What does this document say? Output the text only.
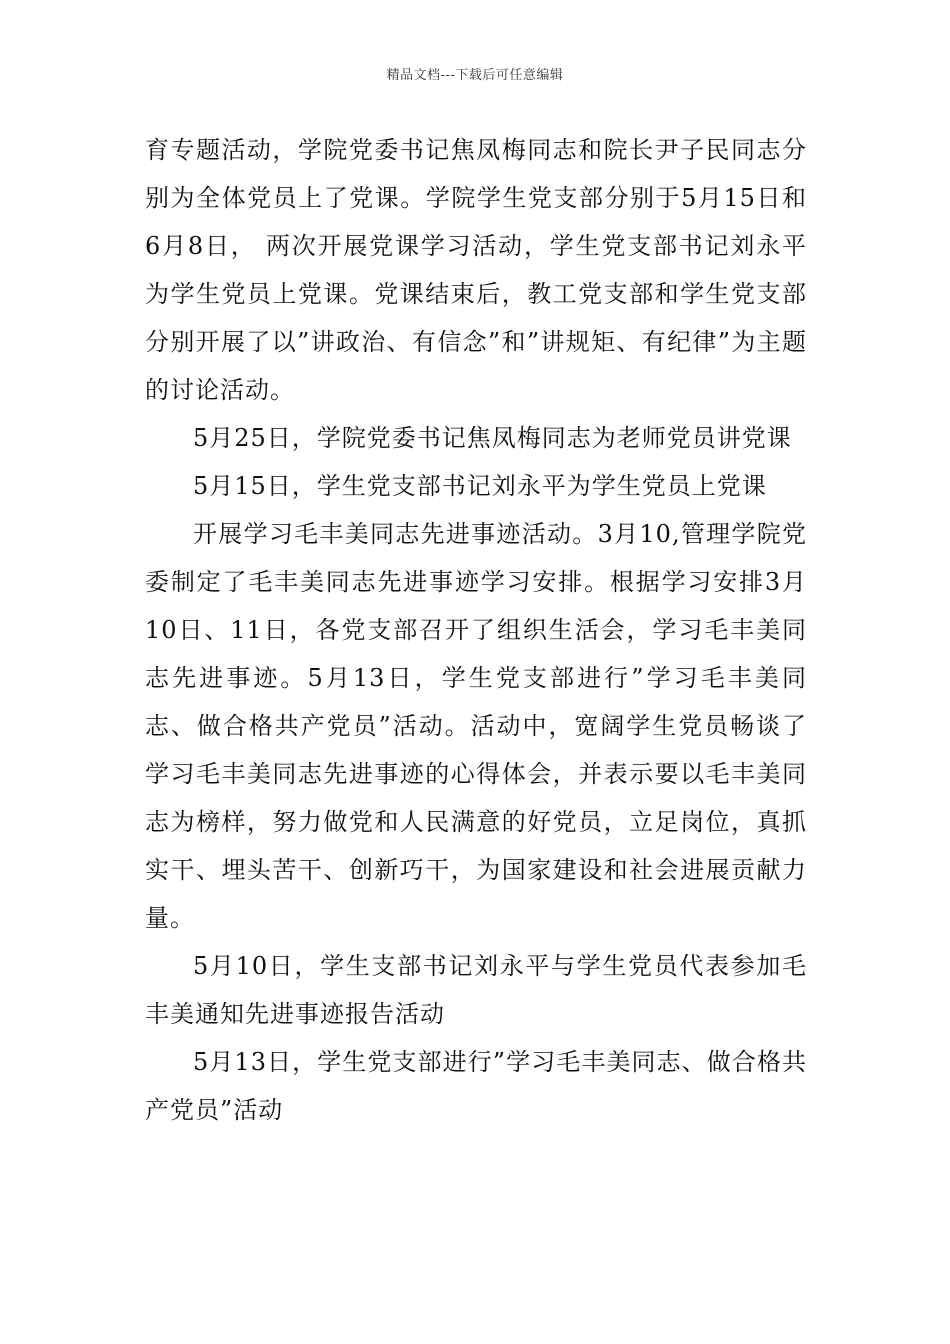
精品文档---下载后可任意编辑

育专题活动，学院党委书记焦凤梅同志和院长尹子民同志分别为全体党员上了党课。学院学生党支部分别于5月15日和6月8日， 两次开展党课学习活动，学生党支部书记刘永平为学生党员上党课。党课结束后，教工党支部和学生党支部分别开展了以”讲政治、有信念”和”讲规矩、有纪律”为主题的讨论活动。

5月25日，学院党委书记焦凤梅同志为老师党员讲党课

5月15日，学生党支部书记刘永平为学生党员上党课

开展学习毛丰美同志先进事迹活动。3月10,管理学院党委制定了毛丰美同志先进事迹学习安排。根据学习安排3月10日、11日，各党支部召开了组织生活会，学习毛丰美同志先进事迹。5月13日，学生党支部进行”学习毛丰美同志、做合格共产党员”活动。活动中，宽阔学生党员畅谈了学习毛丰美同志先进事迹的心得体会，并表示要以毛丰美同志为榜样，努力做党和人民满意的好党员，立足岗位，真抓实干、埋头苦干、创新巧干，为国家建设和社会进展贡献力量。

5月10日，学生支部书记刘永平与学生党员代表参加毛丰美通知先进事迹报告活动

5月13日，学生党支部进行”学习毛丰美同志、做合格共产党员”活动
